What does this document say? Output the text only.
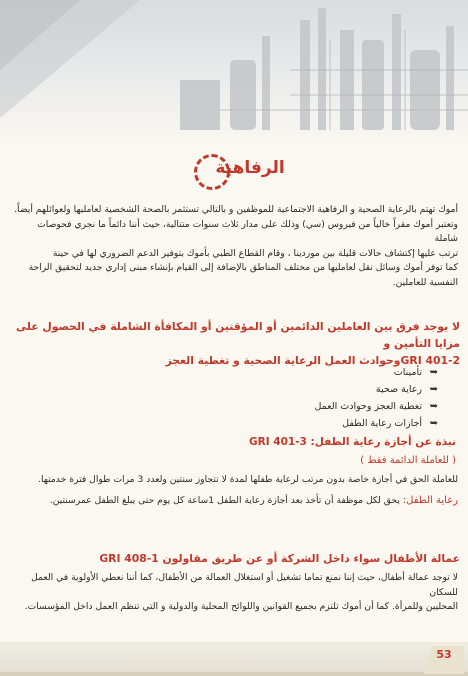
الرفاهية
أموك تهتم بالرعاية الصحية و الرفاهية الاجتماعية للموظفين و بالتالي تستثمر بالصحة الشخصية لعامليها ولعوائلهم أيضاً.
وتعتبر أموك مقراً خالياً من فيروس (سي) وذلك على مدار ثلاث سنوات متتالية، حيث أننا دائماً ما نجري فحوصات شاملة
ترتب عليها إكتشاف حالات قليلة بين موردينا ، وقام القطاع الطبي بأموك بتوفير الدعم الضروري لها في حينة
كما توفر أموك وسائل نقل لعامليها من مختلف المناطق بالإضافة إلى القيام بإنشاء مبنى إداري جديد لتحقيق الراحة
النفسية للعاملين.
لا يوجد فرق بين العاملين الدائمين أو المؤقتين أو المكافأة الشاملة في الحصول على مزايا التأمين و
GRI 401-2وحوادث العمل الرعاية الصحية و تغطية العجز
➥
تأمينات
➥
رعاية صحية
➥
تغطية العجز وحوادث العمل
➥
أجازات رعاية الطفل
نبذة عن أجازة رعاية الطفل: GRI 401-3
( للعاملة الدائمة فقط )
للعاملة الحق في أجازة خاصة بدون مرتب لرعاية طفلها لمدة لا تتجاوز سنتين ولعدد 3 مرات طوال فترة خدمتها.
رعاية الطفل: يحق لكل موظفة أن تأخذ بعد أجازة رعاية الطفل 1ساعة كل يوم حتى يبلغ الطفل عمرسنتين.
عمالة الأطفال سواء داخل الشركة أو عن طريق مقاولون GRI 408-1
لا توجد عمالة أطفال، حيث إننا نمنع تماما تشغيل أو استغلال العمالة من الأطفال، كما أننا نعطي الأولوية في العمل للسكان
المحليين وللمرأة. كما أن أموك تلتزم بجميع القوانين واللوائح المحلية والدولية و التي تنظم العمل داخل المؤسسات.
53
